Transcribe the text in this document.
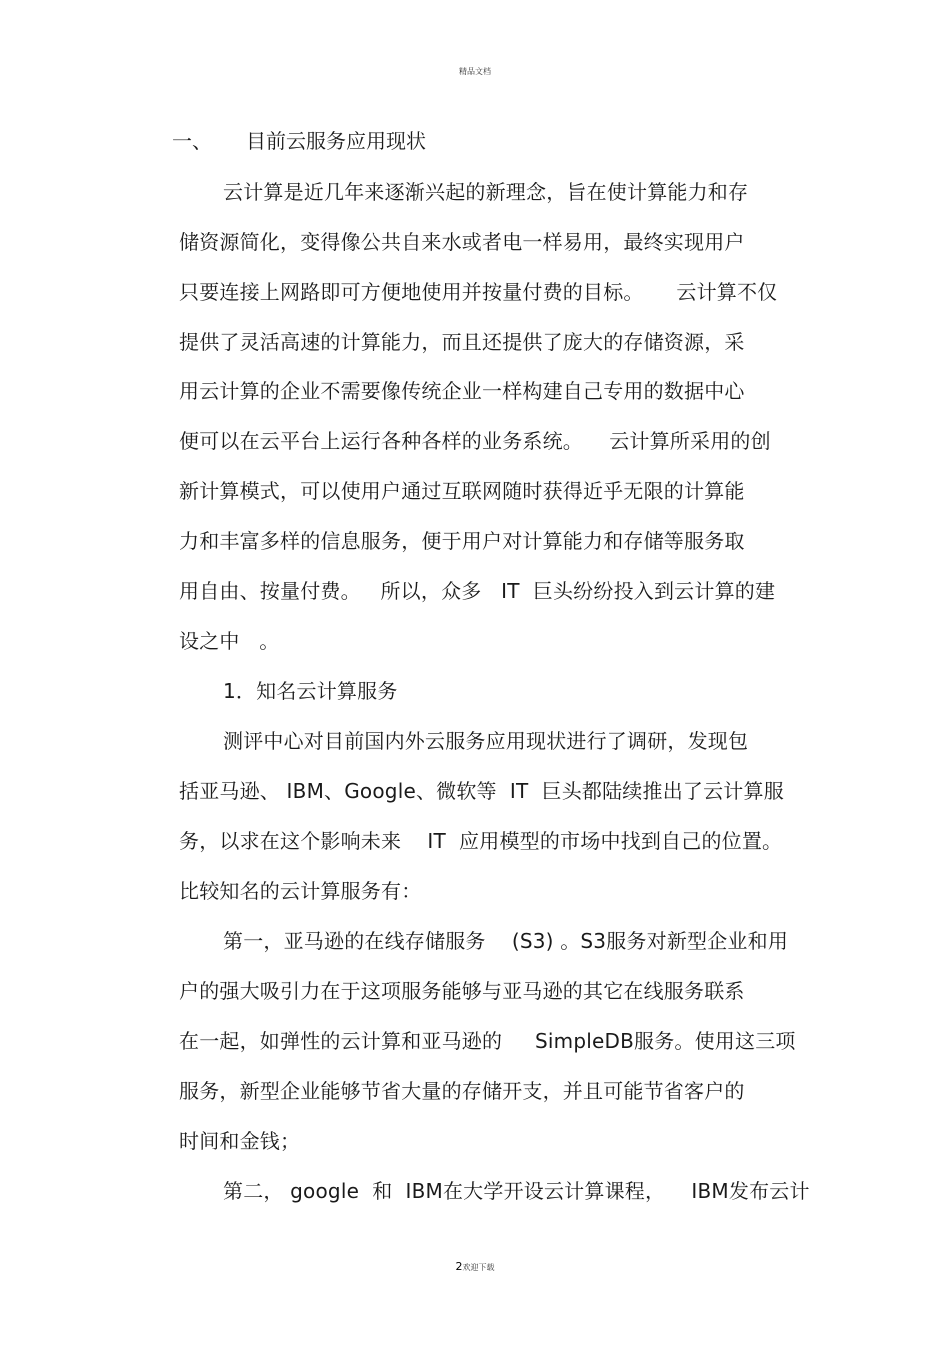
精品文档
一、 目前云服务应用现状
云计算是近几年来逐渐兴起的新理念，旨在使计算能力和存
储资源简化，变得像公共自来水或者电一样易用，最终实现用户
只要连接上网路即可方便地使用并按量付费的目标。     云计算不仅
提供了灵活高速的计算能力，而且还提供了庞大的存储资源，采
用云计算的企业不需要像传统企业一样构建自己专用的数据中心
便可以在云平台上运行各种各样的业务系统。    云计算所采用的创
新计算模式，可以使用户通过互联网随时获得近乎无限的计算能
力和丰富多样的信息服务，便于用户对计算能力和存储等服务取
用自由、按量付费。   所以，众多   IT  巨头纷纷投入到云计算的建
设之中   。
1．知名云计算服务
测评中心对目前国内外云服务应用现状进行了调研，发现包
括亚马逊、 IBM、Google、微软等  IT  巨头都陆续推出了云计算服
务，以求在这个影响未来    IT  应用模型的市场中找到自己的位置。
比较知名的云计算服务有：
第一，亚马逊的在线存储服务    (S3) 。S3服务对新型企业和用
户的强大吸引力在于这项服务能够与亚马逊的其它在线服务联系
在一起，如弹性的云计算和亚马逊的     SimpleDB服务。使用这三项
服务，新型企业能够节省大量的存储开支，并且可能节省客户的
时间和金钱；
第二， google  和  IBM在大学开设云计算课程，    IBM发布云计
2欢迎下载
